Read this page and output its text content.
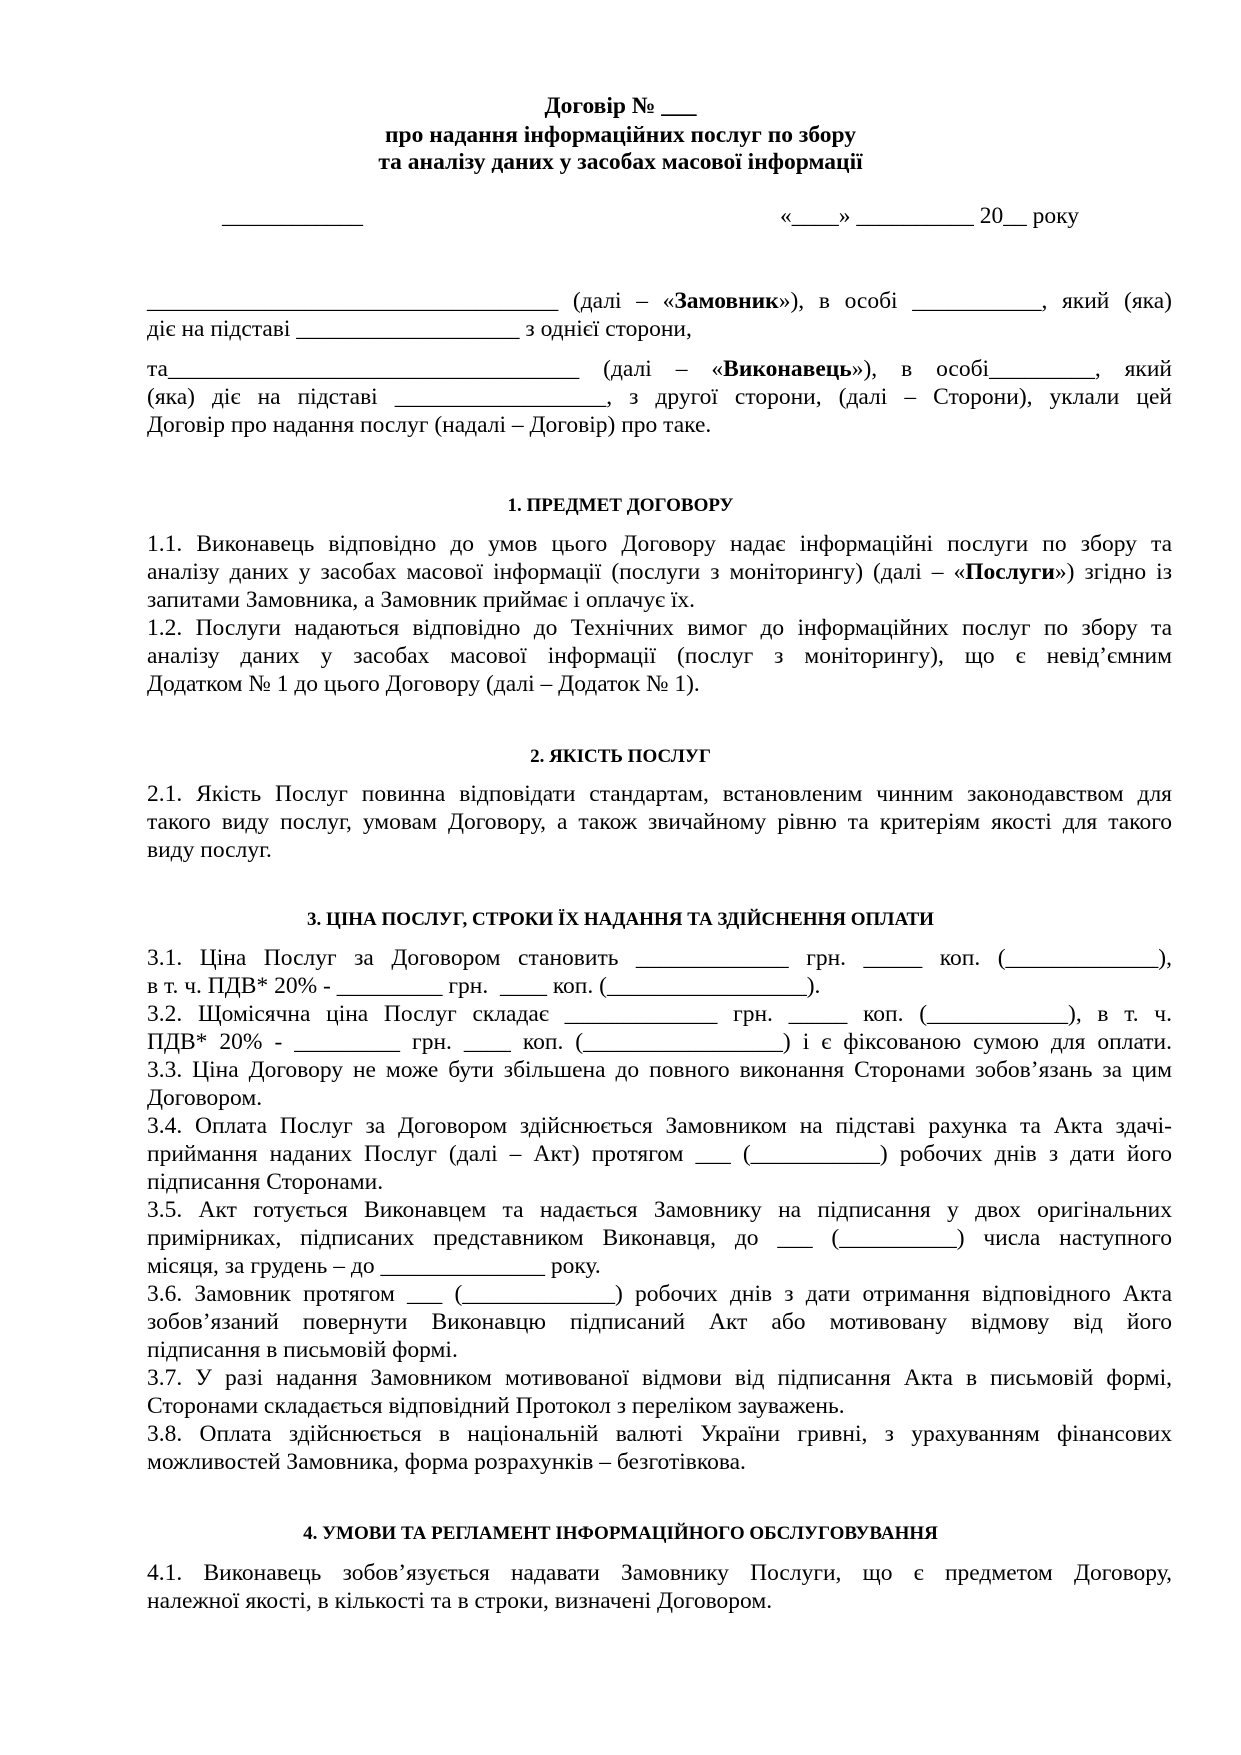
Договір № ___
про надання інформаційних послуг по збору
та аналізу даних у засобах масової інформації
____________	«____» __________ 20__ року
___________________________________ (далі – «Замовник»), в особі ___________, який (яка)
діє на підставі ___________________ з однієї сторони,
та___________________________________ (далі – «Виконавець»), в особі_________, який
(яка) діє на підставі __________________, з другої сторони, (далі – Сторони), уклали цей
Договір про надання послуг (надалі – Договір) про таке.
1. ПРЕДМЕТ ДОГОВОРУ
1.1. Виконавець відповідно до умов цього Договору надає інформаційні послуги по збору та
аналізу даних у засобах масової інформації (послуги з моніторингу) (далі – «Послуги») згідно із
запитами Замовника, а Замовник приймає і оплачує їх.
1.2. Послуги надаються відповідно до Технічних вимог до інформаційних послуг по збору та
аналізу даних у засобах масової інформації (послуг з моніторингу), що є невід’ємним
Додатком № 1 до цього Договору (далі – Додаток № 1).
2. ЯКІСТЬ ПОСЛУГ
2.1. Якість Послуг повинна відповідати стандартам, встановленим чинним законодавством для
такого виду послуг, умовам Договору, а також звичайному рівню та критеріям якості для такого
виду послуг.
3. ЦІНА ПОСЛУГ, СТРОКИ ЇХ НАДАННЯ ТА ЗДІЙСНЕННЯ ОПЛАТИ
3.1. Ціна Послуг за Договором становить _____________ грн. _____ коп. (_____________),
в т. ч. ПДВ* 20% - _________ грн.  ____ коп. (_________________).
3.2. Щомісячна ціна Послуг складає _____________ грн. _____ коп. (____________), в т. ч.
ПДВ* 20% - _________ грн. ____ коп. (_________________) і є фіксованою сумою для оплати.
3.3. Ціна Договору не може бути збільшена до повного виконання Сторонами зобов’язань за цим
Договором.
3.4. Оплата Послуг за Договором здійснюється Замовником на підставі рахунка та Акта здачі-
приймання наданих Послуг (далі – Акт) протягом ___ (___________) робочих днів з дати його
підписання Сторонами.
3.5. Акт готується Виконавцем та надається Замовнику на підписання у двох оригінальних
примірниках, підписаних представником Виконавця, до ___ (__________) числа наступного
місяця, за грудень – до ______________ року.
3.6. Замовник протягом ___ (_____________) робочих днів з дати отримання відповідного Акта
зобов’язаний повернути Виконавцю підписаний Акт або мотивовану відмову від його
підписання в письмовій формі.
3.7. У разі надання Замовником мотивованої відмови від підписання Акта в письмовій формі,
Сторонами складається відповідний Протокол з переліком зауважень.
3.8. Оплата здійснюється в національній валюті України гривні, з урахуванням фінансових
можливостей Замовника, форма розрахунків – безготівкова.
4. УМОВИ ТА РЕГЛАМЕНТ ІНФОРМАЦІЙНОГО ОБСЛУГОВУВАННЯ
4.1. Виконавець зобов’язується надавати Замовнику Послуги, що є предметом Договору,
належної якості, в кількості та в строки, визначені Договором.
